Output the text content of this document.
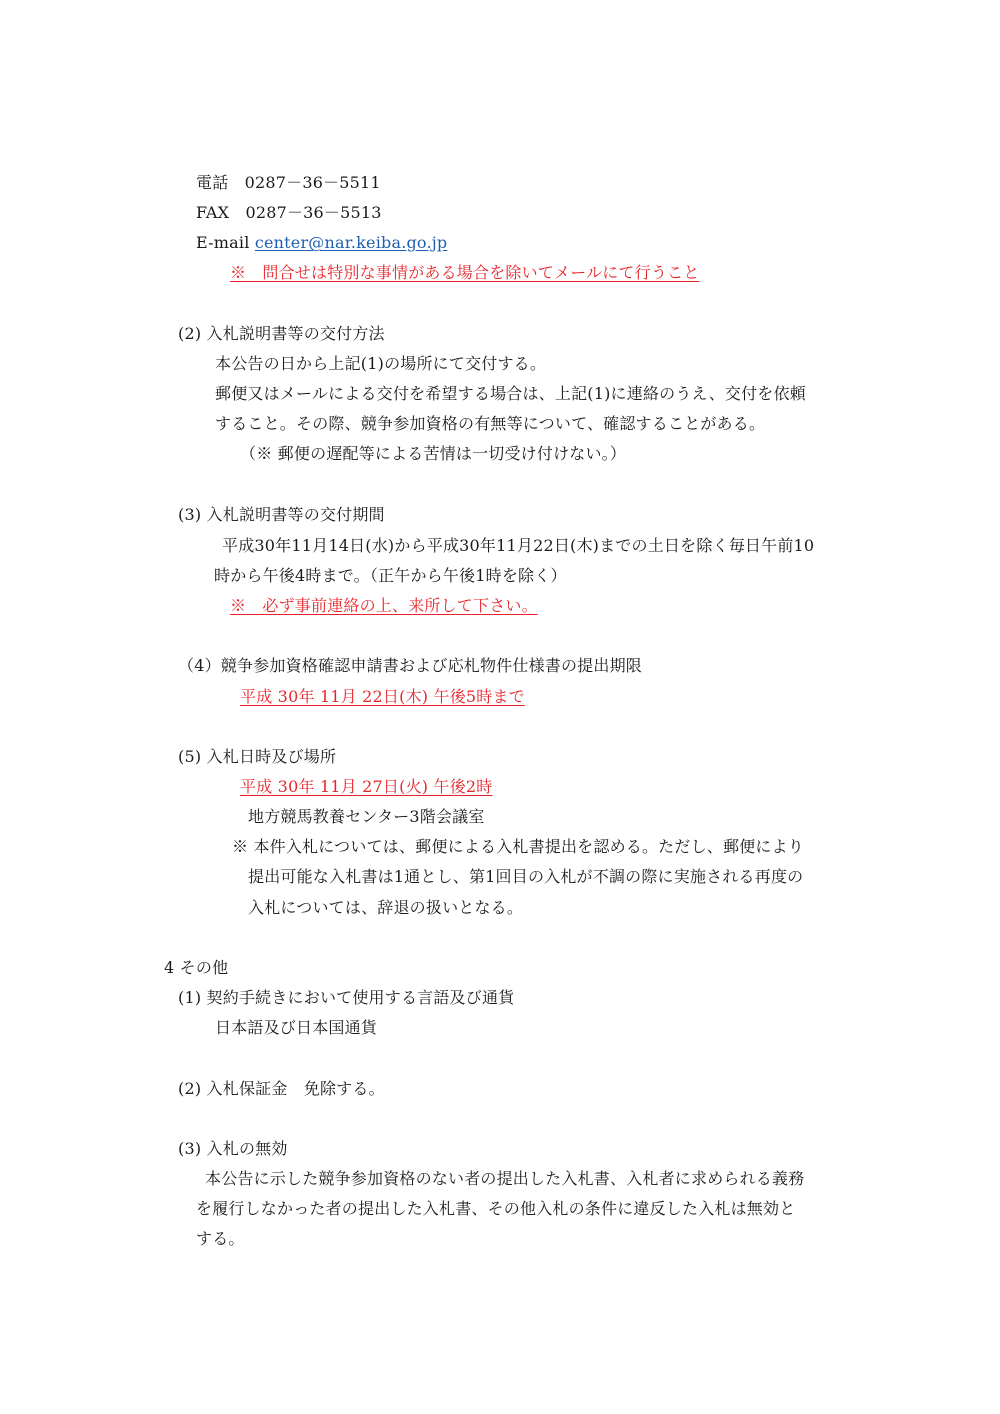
電話　0287－36－5511
FAX　0287－36－5513
E-mail center@nar.keiba.go.jp
※　問合せは特別な事情がある場合を除いてメールにて行うこと
(2) 入札説明書等の交付方法
本公告の日から上記(1)の場所にて交付する。
郵便又はメールによる交付を希望する場合は、上記(1)に連絡のうえ、交付を依頼
すること。その際、競争参加資格の有無等について、確認することがある。
（※ 郵便の遅配等による苦情は一切受け付けない。）
(3) 入札説明書等の交付期間
平成30年11月14日(水)から平成30年11月22日(木)までの土日を除く毎日午前10
時から午後4時まで。（正午から午後1時を除く）
※　必ず事前連絡の上、来所して下さい。
（4）競争参加資格確認申請書および応札物件仕様書の提出期限
平成 30年 11月 22日(木) 午後5時まで
(5) 入札日時及び場所
平成 30年 11月 27日(火) 午後2時
地方競馬教養センター3階会議室
※ 本件入札については、郵便による入札書提出を認める。ただし、郵便により
提出可能な入札書は1通とし、第1回目の入札が不調の際に実施される再度の
入札については、辞退の扱いとなる。
4 その他
(1) 契約手続きにおいて使用する言語及び通貨
日本語及び日本国通貨
(2) 入札保証金　免除する。
(3) 入札の無効
本公告に示した競争参加資格のない者の提出した入札書、入札者に求められる義務
を履行しなかった者の提出した入札書、その他入札の条件に違反した入札は無効と
する。
